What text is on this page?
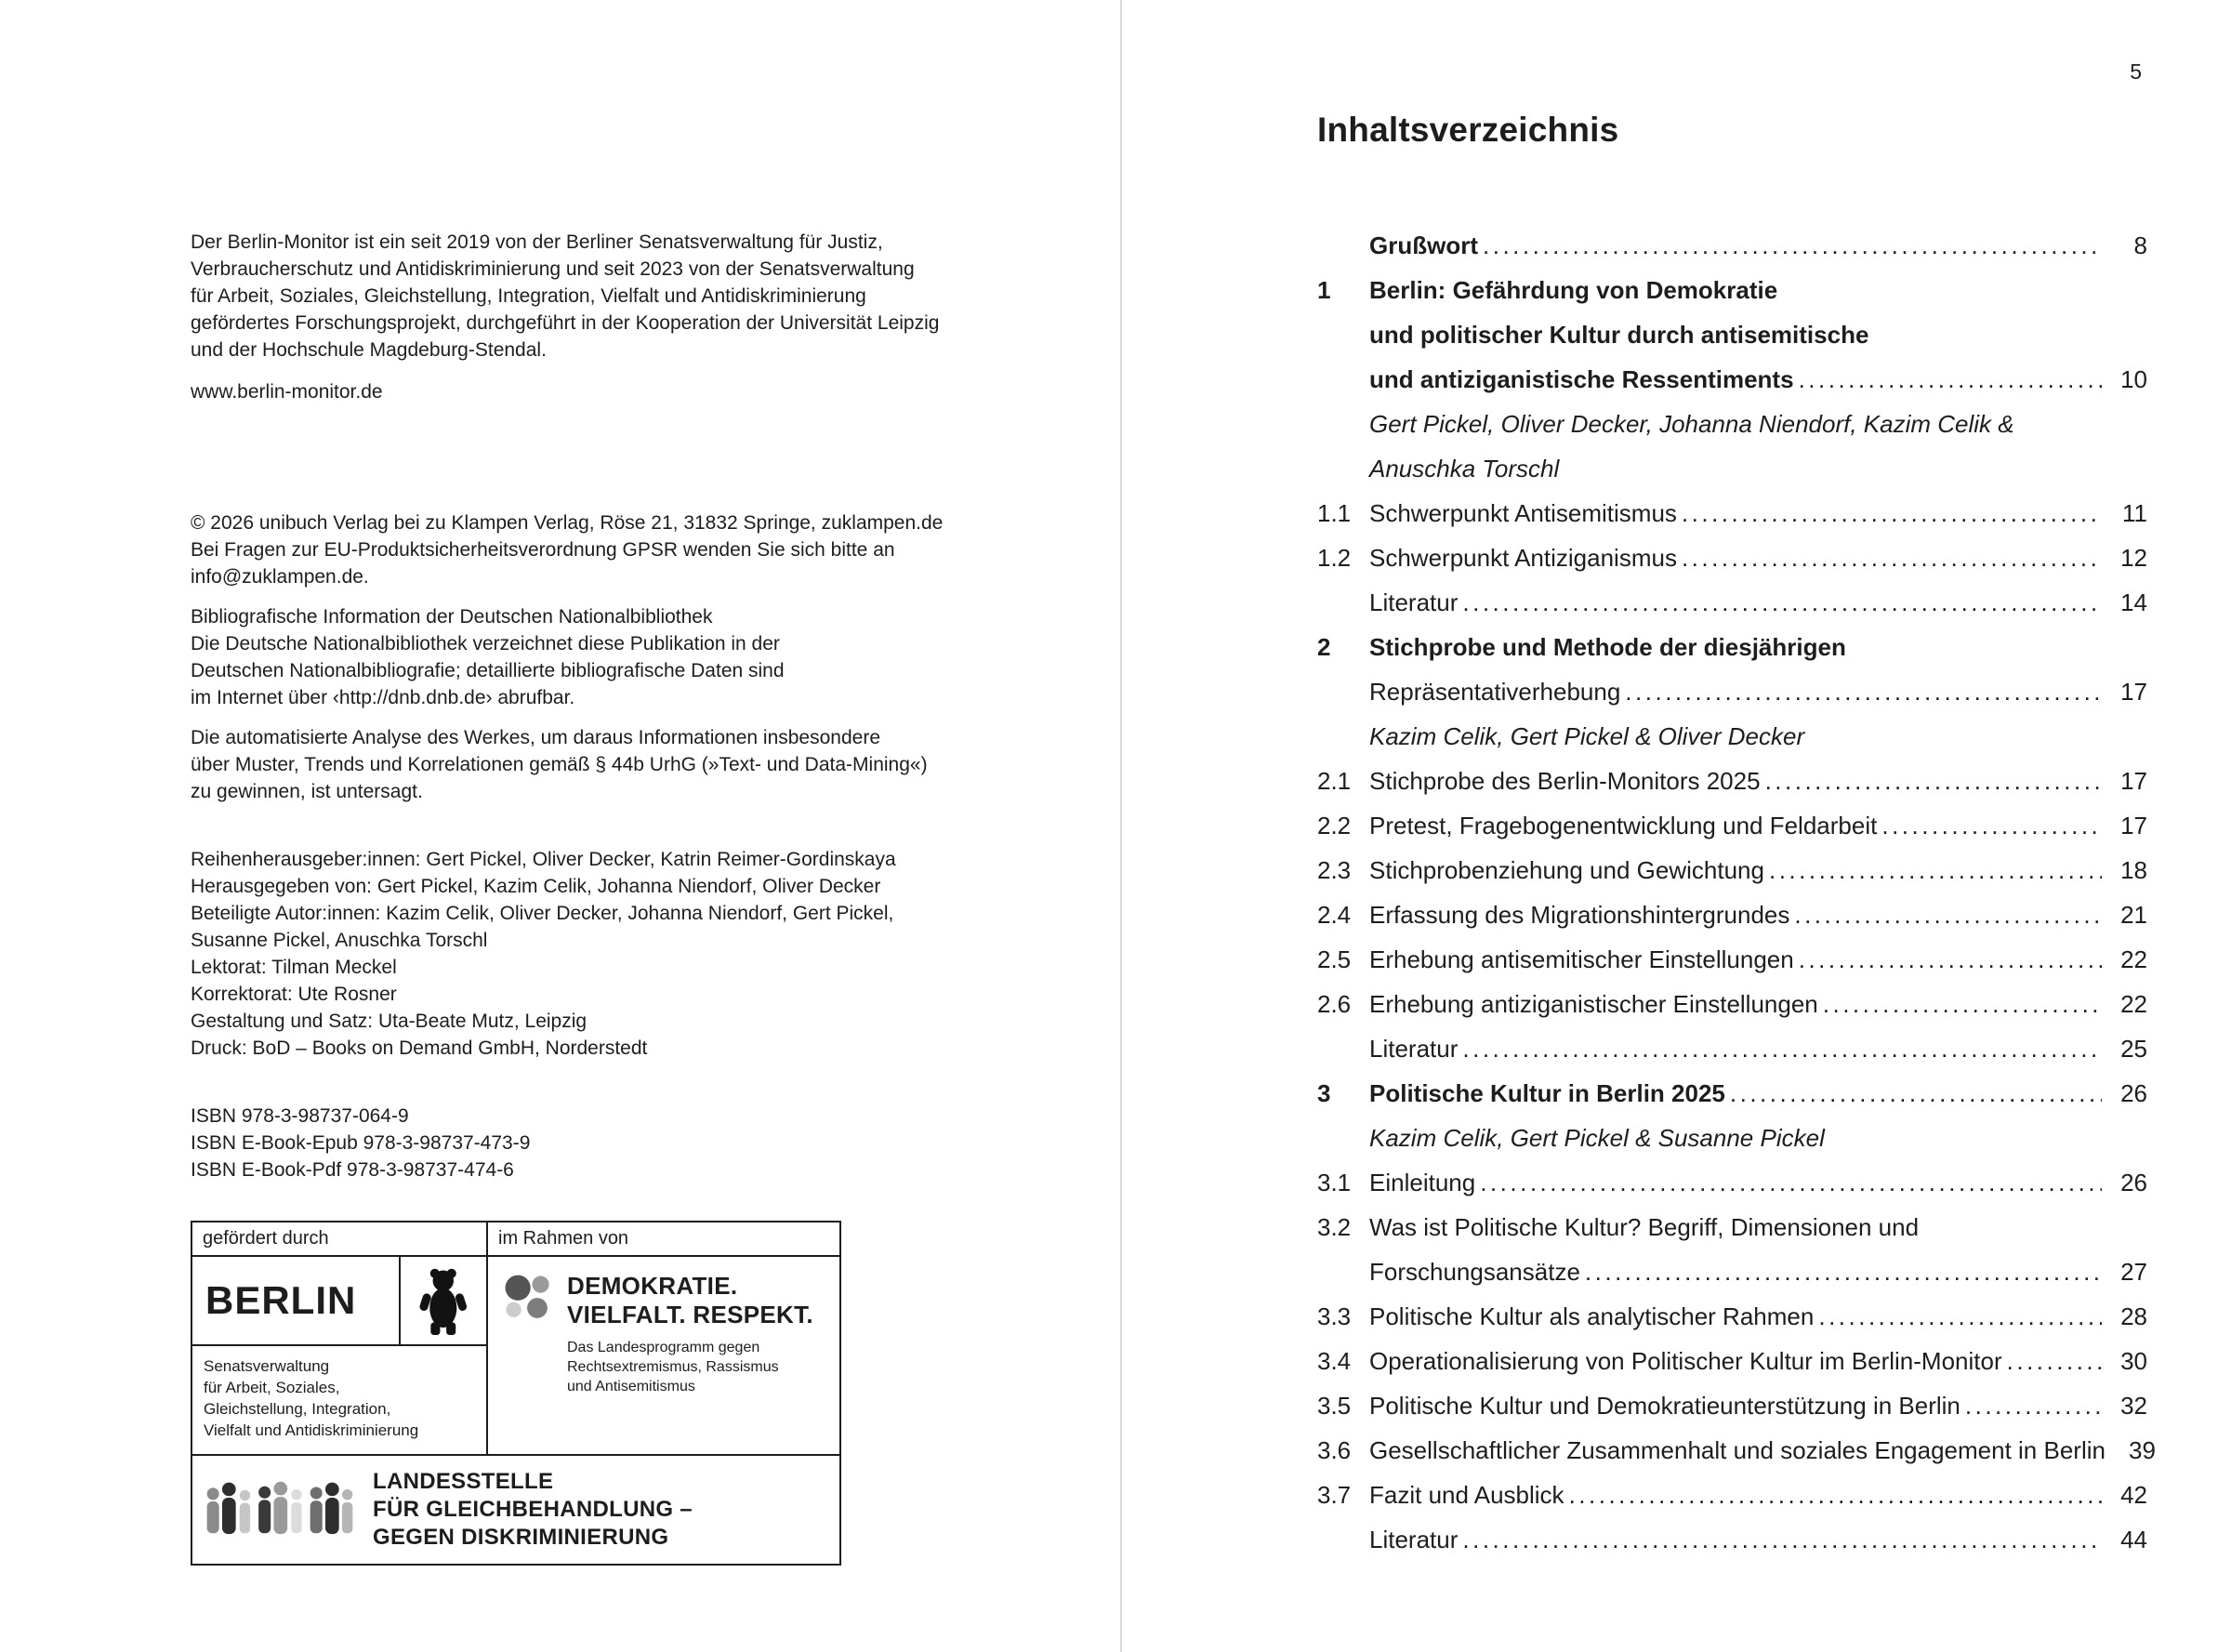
Der Berlin-Monitor ist ein seit 2019 von der Berliner Senatsverwaltung für Justiz,
Verbraucherschutz und Antidiskriminierung und seit 2023 von der Senatsverwaltung
für Arbeit, Soziales, Gleichstellung, Integration, Vielfalt und Antidiskriminierung
gefördertes Forschungsprojekt, durchgeführt in der Kooperation der Universität Leipzig
und der Hochschule Magdeburg-Stendal.
www.berlin-monitor.de
© 2026 unibuch Verlag bei zu Klampen Verlag, Röse 21, 31832 Springe, zuklampen.de
Bei Fragen zur EU-Produktsicherheitsverordnung GPSR wenden Sie sich bitte an
info@zuklampen.de.
Bibliografische Information der Deutschen Nationalbibliothek
Die Deutsche Nationalbibliothek verzeichnet diese Publikation in der
Deutschen Nationalbibliografie; detaillierte bibliografische Daten sind
im Internet über ‹http://dnb.dnb.de› abrufbar.
Die automatisierte Analyse des Werkes, um daraus Informationen insbesondere
über Muster, Trends und Korrelationen gemäß § 44b UrhG (»Text- und Data-Mining«)
zu gewinnen, ist untersagt.
Reihenherausgeber:innen: Gert Pickel, Oliver Decker, Katrin Reimer-Gordinskaya
Herausgegeben von: Gert Pickel, Kazim Celik, Johanna Niendorf, Oliver Decker
Beteiligte Autor:innen: Kazim Celik, Oliver Decker, Johanna Niendorf, Gert Pickel,
Susanne Pickel, Anuschka Torschl
Lektorat: Tilman Meckel
Korrektorat: Ute Rosner
Gestaltung und Satz: Uta-Beate Mutz, Leipzig
Druck: BoD – Books on Demand GmbH, Norderstedt
ISBN 978-3-98737-064-9
ISBN E-Book-Epub 978-3-98737-473-9
ISBN E-Book-Pdf 978-3-98737-474-6
gefördert durch	im Rahmen von
BERLIN
Senatsverwaltung
für Arbeit, Soziales,
Gleichstellung, Integration,
Vielfalt und Antidiskriminierung
DEMOKRATIE.
VIELFALT. RESPEKT.
Das Landesprogramm gegen
Rechtsextremismus, Rassismus
und Antisemitismus
LANDESSTELLE
FÜR GLEICHBEHANDLUNG –
GEGEN DISKRIMINIERUNG
5
Inhaltsverzeichnis
Grußwort .....	8
1	Berlin: Gefährdung von Demokratie
und politischer Kultur durch antisemitische
und antiziganistische Ressentiments .....	10
Gert Pickel, Oliver Decker, Johanna Niendorf, Kazim Celik &
Anuschka Torschl
1.1 Schwerpunkt Antisemitismus .....	11
1.2 Schwerpunkt Antiziganismus .....	12
Literatur .....	14
2	Stichprobe und Methode der diesjährigen
Repräsentativerhebung .....	17
Kazim Celik, Gert Pickel & Oliver Decker
2.1 Stichprobe des Berlin-Monitors 2025 .....	17
2.2 Pretest, Fragebogenentwicklung und Feldarbeit .....	17
2.3 Stichprobenziehung und Gewichtung .....	18
2.4 Erfassung des Migrationshintergrundes .....	21
2.5 Erhebung antisemitischer Einstellungen .....	22
2.6 Erhebung antiziganistischer Einstellungen .....	22
Literatur .....	25
3	Politische Kultur in Berlin 2025 .....	26
Kazim Celik, Gert Pickel & Susanne Pickel
3.1 Einleitung .....	26
3.2 Was ist Politische Kultur? Begriff, Dimensionen und
Forschungsansätze .....	27
3.3 Politische Kultur als analytischer Rahmen .....	28
3.4 Operationalisierung von Politischer Kultur im Berlin-Monitor .....	30
3.5 Politische Kultur und Demokratieunterstützung in Berlin .....	32
3.6 Gesellschaftlicher Zusammenhalt und soziales Engagement in Berlin 39
3.7 Fazit und Ausblick .....	42
Literatur .....	44
